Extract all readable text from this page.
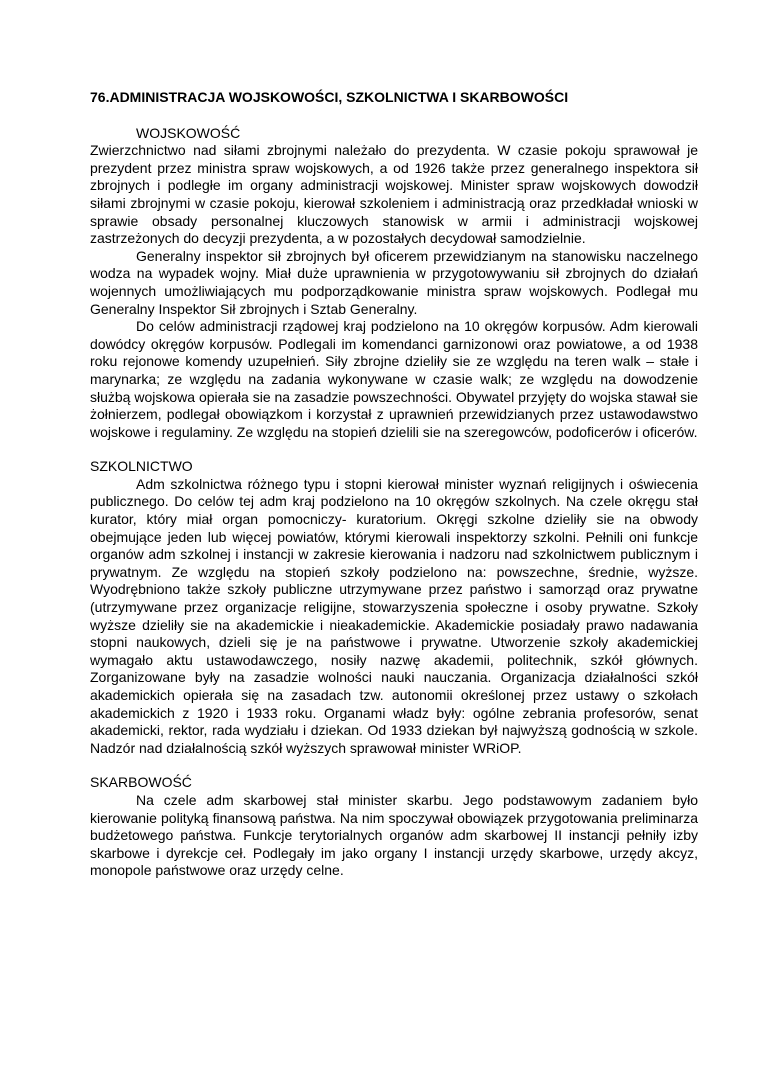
76.ADMINISTRACJA WOJSKOWOŚCI, SZKOLNICTWA I SKARBOWOŚCI
WOJSKOWOŚĆ

Zwierzchnictwo nad siłami zbrojnymi należało do prezydenta. W czasie pokoju sprawował je prezydent przez ministra spraw wojskowych, a od 1926 także przez generalnego inspektora sił zbrojnych i podległe im organy administracji wojskowej. Minister spraw wojskowych dowodził siłami zbrojnymi w czasie pokoju, kierował szkoleniem i administracją oraz przedkładał wnioski w sprawie obsady personalnej kluczowych stanowisk w armii i administracji wojskowej zastrzeżonych do decyzji prezydenta, a w pozostałych decydował samodzielnie.

Generalny inspektor sił zbrojnych był oficerem przewidzianym na stanowisku naczelnego wodza na wypadek wojny. Miał duże uprawnienia w przygotowywaniu sił zbrojnych do działań wojennych umożliwiających mu podporządkowanie ministra spraw wojskowych. Podlegał mu Generalny Inspektor Sił zbrojnych i Sztab Generalny.

Do celów administracji rządowej kraj podzielono na 10 okręgów korpusów. Adm kierowali dowódcy okręgów korpusów. Podlegali im komendanci garnizonowi oraz powiatowe, a od 1938 roku rejonowe komendy uzupełnień. Siły zbrojne dzieliły sie ze względu na teren walk – stałe i marynarka; ze względu na zadania wykonywane w czasie walk; ze względu na dowodzenie służbą wojskowa opierała sie na zasadzie powszechności. Obywatel przyjęty do wojska stawał sie żołnierzem, podlegał obowiązkom i korzystał z uprawnień przewidzianych przez ustawodawstwo wojskowe i regulaminy. Ze względu na stopień dzielili sie na szeregowców, podoficerów i oficerów.

SZKOLNICTWO

Adm szkolnictwa różnego typu i stopni kierował minister wyznań religijnych i oświecenia publicznego. Do celów tej adm kraj podzielono na 10 okręgów szkolnych. Na czele okręgu stał kurator, który miał organ pomocniczy- kuratorium. Okręgi szkolne dzieliły sie na obwody obejmujące jeden lub więcej powiatów, którymi kierowali inspektorzy szkolni. Pełnili oni funkcje organów adm szkolnej i instancji w zakresie kierowania i nadzoru nad szkolnictwem publicznym i prywatnym. Ze względu na stopień szkoły podzielono na: powszechne, średnie, wyższe. Wyodrębniono także szkoły publiczne utrzymywane przez państwo i samorząd oraz prywatne (utrzymywane przez organizacje religijne, stowarzyszenia społeczne i osoby prywatne. Szkoły wyższe dzieliły sie na akademickie i nieakademickie. Akademickie posiadały prawo nadawania stopni naukowych, dzieli się je na państwowe i prywatne. Utworzenie szkoły akademickiej wymagało aktu ustawodawczego, nosiły nazwę akademii, politechnik, szkół głównych. Zorganizowane były na zasadzie wolności nauki nauczania. Organizacja działalności szkół akademickich opierała się na zasadach tzw. autonomii określonej przez ustawy o szkołach akademickich z 1920 i 1933 roku. Organami władz były: ogólne zebrania profesorów, senat akademicki, rektor, rada wydziału i dziekan. Od 1933 dziekan był najwyższą godnością w szkole. Nadzór nad działalnością szkół wyższych sprawował minister WRiOP.

SKARBOWOŚĆ

Na czele adm skarbowej stał minister skarbu. Jego podstawowym zadaniem było kierowanie polityką finansową państwa. Na nim spoczywał obowiązek przygotowania preliminarza budżetowego państwa. Funkcje terytorialnych organów adm skarbowej II instancji pełniły izby skarbowe i dyrekcje ceł. Podlegały im jako organy I instancji urzędy skarbowe, urzędy akcyz, monopole państwowe oraz urzędy celne.
